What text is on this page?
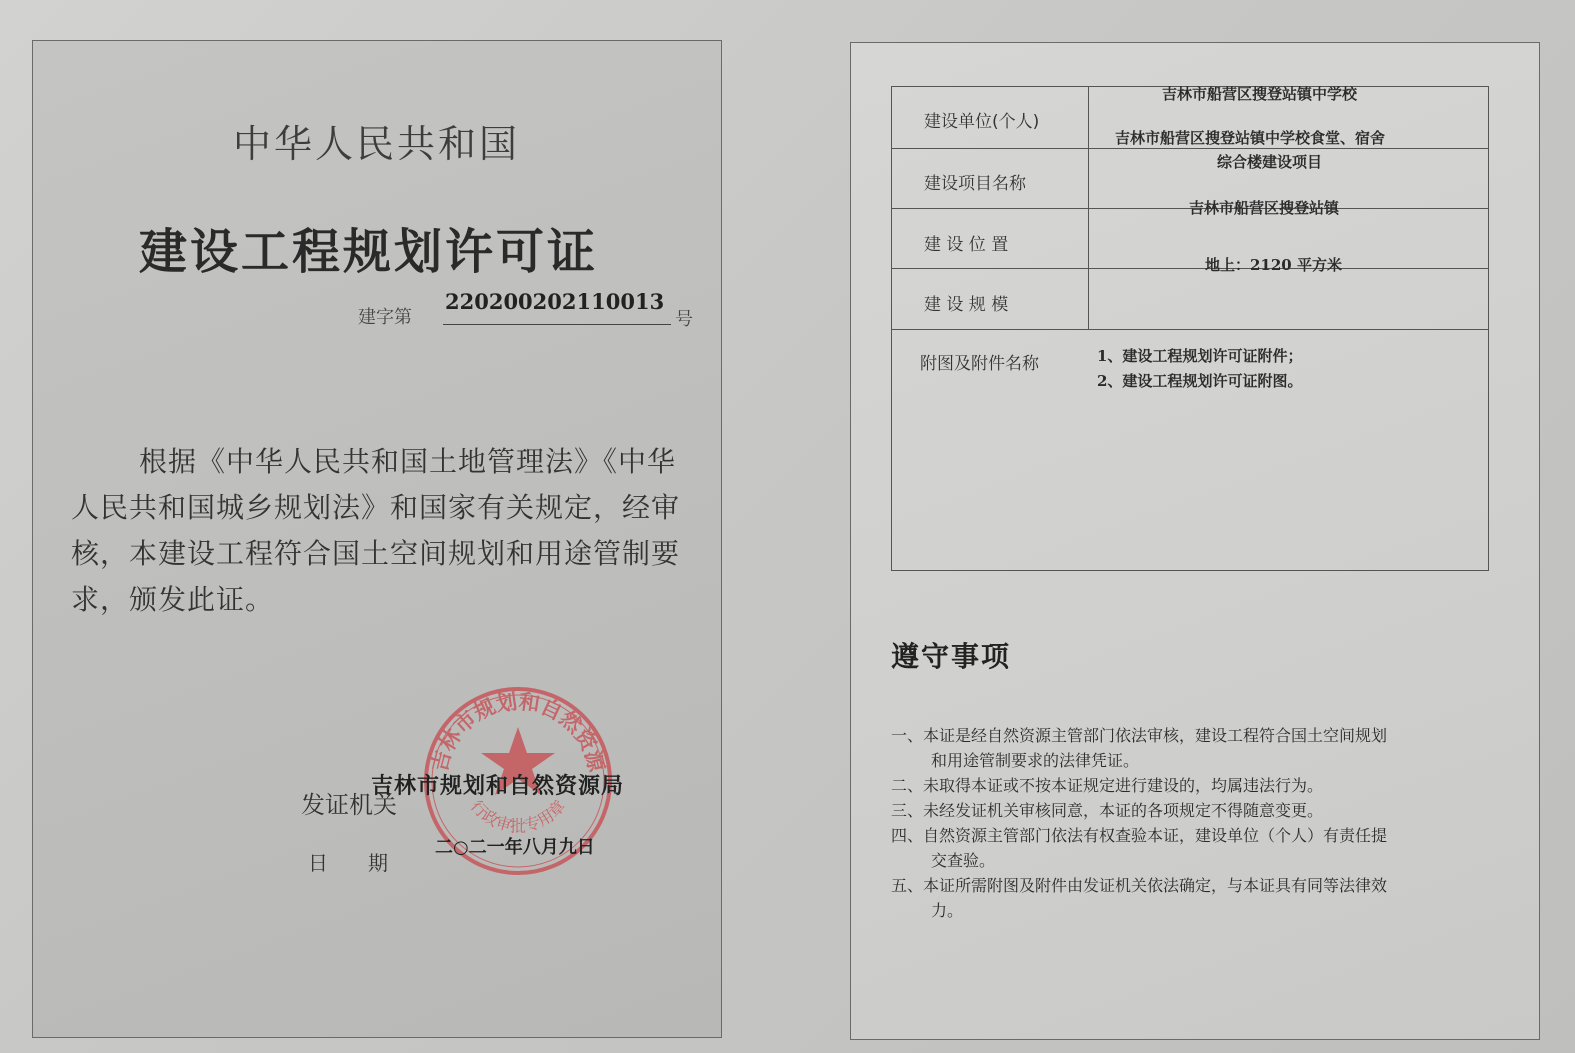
中华人民共和国
建设工程规划许可证
建字第
220200202110013
号
根据《中华人民共和国土地管理法》《中华人民共和国城乡规划法》和国家有关规定，经审核，本建设工程符合国土空间规划和用途管制要求，颁发此证。
吉林市规划和自然资源
行政审批专用章
发证机关
吉林市规划和自然资源局
日　　期
二○二一年八月九日
建设单位(个人)
吉林市船营区搜登站镇中学校
建设项目名称
吉林市船营区搜登站镇中学校食堂、宿舍
综合楼建设项目
建 设 位 置
吉林市船营区搜登站镇
建 设 规 模
地上：2120 平方米
附图及附件名称	1、建设工程规划许可证附件；
2、建设工程规划许可证附图。
遵守事项
一、本证是经自然资源主管部门依法审核，建设工程符合国土空间规划
和用途管制要求的法律凭证。
二、未取得本证或不按本证规定进行建设的，均属违法行为。
三、未经发证机关审核同意，本证的各项规定不得随意变更。
四、自然资源主管部门依法有权查验本证，建设单位（个人）有责任提
交查验。
五、本证所需附图及附件由发证机关依法确定，与本证具有同等法律效
力。
